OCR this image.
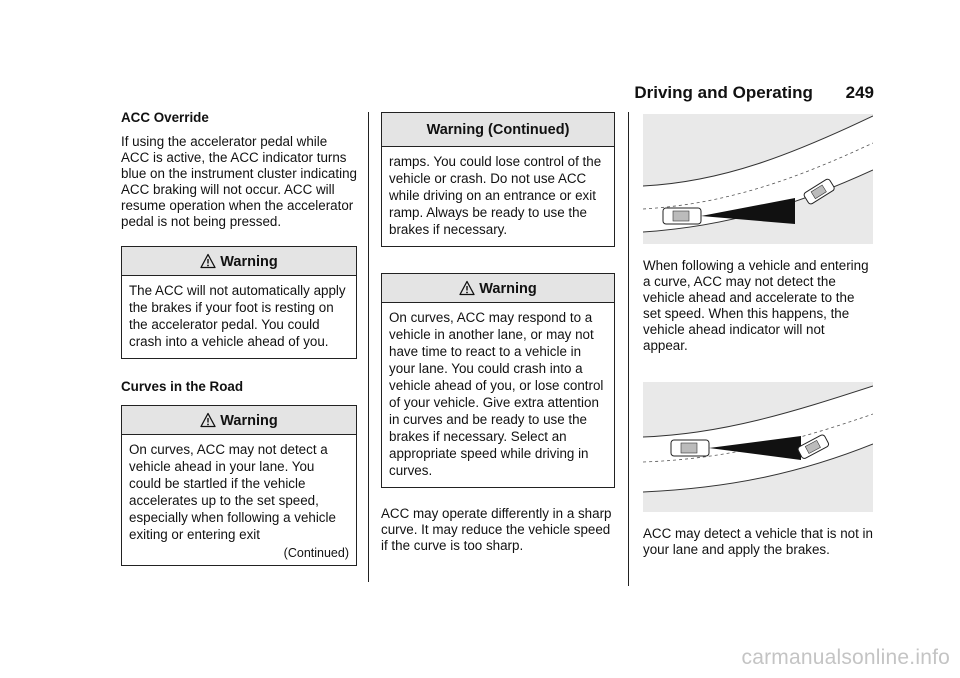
Driving and Operating 249
ACC Override

If using the accelerator pedal while ACC is active, the ACC indicator turns blue on the instrument cluster indicating ACC braking will not occur. ACC will resume operation when the accelerator pedal is not being pressed.

Warning
The ACC will not automatically apply the brakes if your foot is resting on the accelerator pedal. You could crash into a vehicle ahead of you.
Curves in the Road
Warning
On curves, ACC may not detect a vehicle ahead in your lane. You could be startled if the vehicle accelerates up to the set speed, especially when following a vehicle exiting or entering exit
(Continued)
Warning (Continued)
ramps. You could lose control of the vehicle or crash. Do not use ACC while driving on an entrance or exit ramp. Always be ready to use the brakes if necessary.
Warning
On curves, ACC may respond to a vehicle in another lane, or may not have time to react to a vehicle in your lane. You could crash into a vehicle ahead of you, or lose control of your vehicle. Give extra attention in curves and be ready to use the brakes if necessary. Select an appropriate speed while driving in curves.

ACC may operate differently in a sharp curve. It may reduce the vehicle speed if the curve is too sharp.

When following a vehicle and entering a curve, ACC may not detect the vehicle ahead and accelerate to the set speed. When this happens, the vehicle ahead indicator will not appear.

ACC may detect a vehicle that is not in your lane and apply the brakes.

carmanualsonline.info
